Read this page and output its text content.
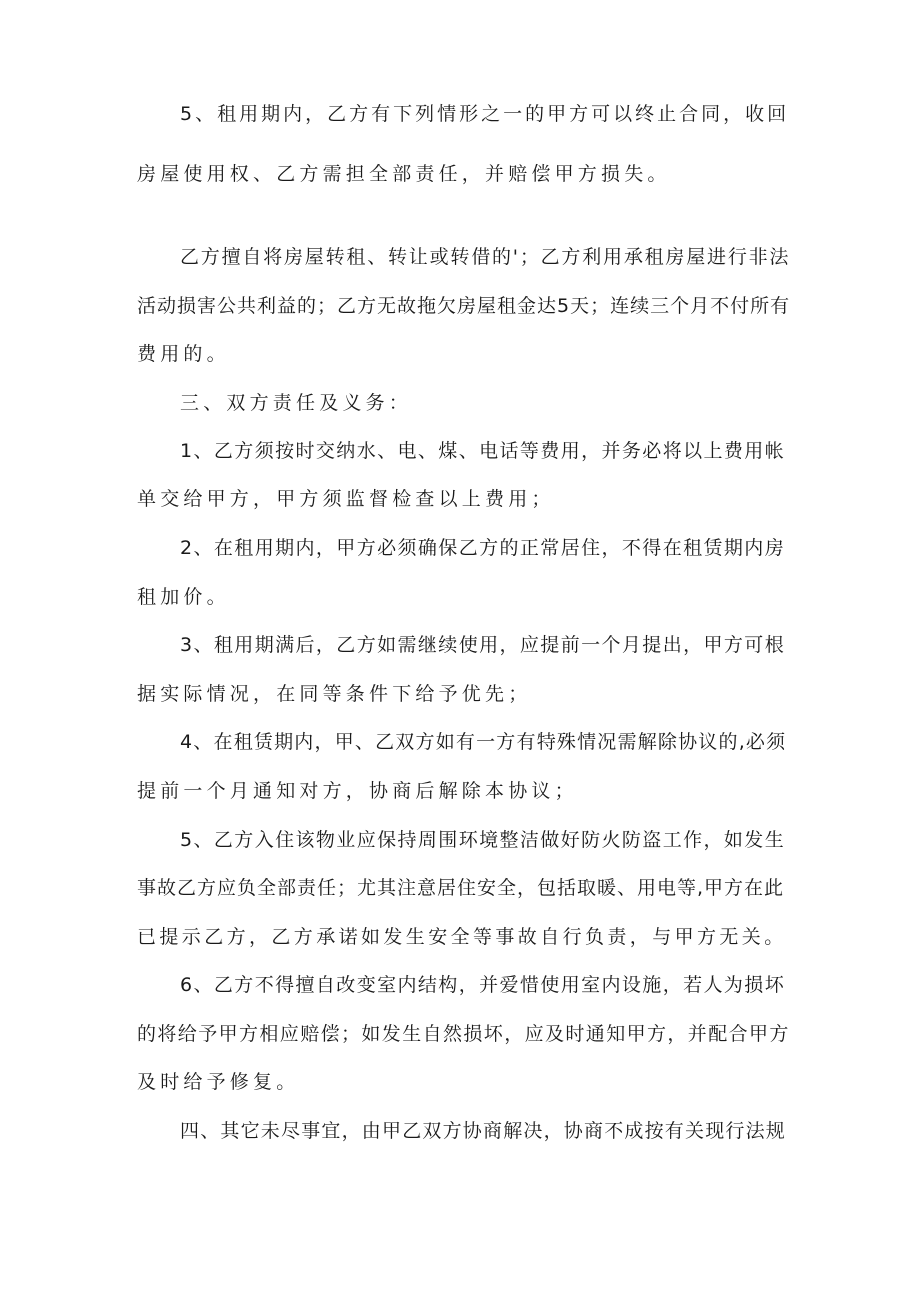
5、租用期内，乙方有下列情形之一的甲方可以终止合同，收回
房屋使用权、乙方需担全部责任，并赔偿甲方损失。
乙方擅自将房屋转租、转让或转借的'；乙方利用承租房屋进行非法
活动损害公共利益的；乙方无故拖欠房屋租金达5天；连续三个月不付所有
费用的。
三、双方责任及义务：
1、乙方须按时交纳水、电、煤、电话等费用，并务必将以上费用帐
单交给甲方，甲方须监督检查以上费用；
2、在租用期内，甲方必须确保乙方的正常居住，不得在租赁期内房
租加价。
3、租用期满后，乙方如需继续使用，应提前一个月提出，甲方可根
据实际情况，在同等条件下给予优先；
4、在租赁期内，甲、乙双方如有一方有特殊情况需解除协议的,必须
提前一个月通知对方，协商后解除本协议；
5、乙方入住该物业应保持周围环境整洁做好防火防盗工作，如发生
事故乙方应负全部责任；尤其注意居住安全，包括取暖、用电等,甲方在此
已提示乙方，乙方承诺如发生安全等事故自行负责，与甲方无关。
6、乙方不得擅自改变室内结构，并爱惜使用室内设施，若人为损坏
的将给予甲方相应赔偿；如发生自然损坏，应及时通知甲方，并配合甲方
及时给予修复。
四、其它未尽事宜，由甲乙双方协商解决，协商不成按有关现行法规
